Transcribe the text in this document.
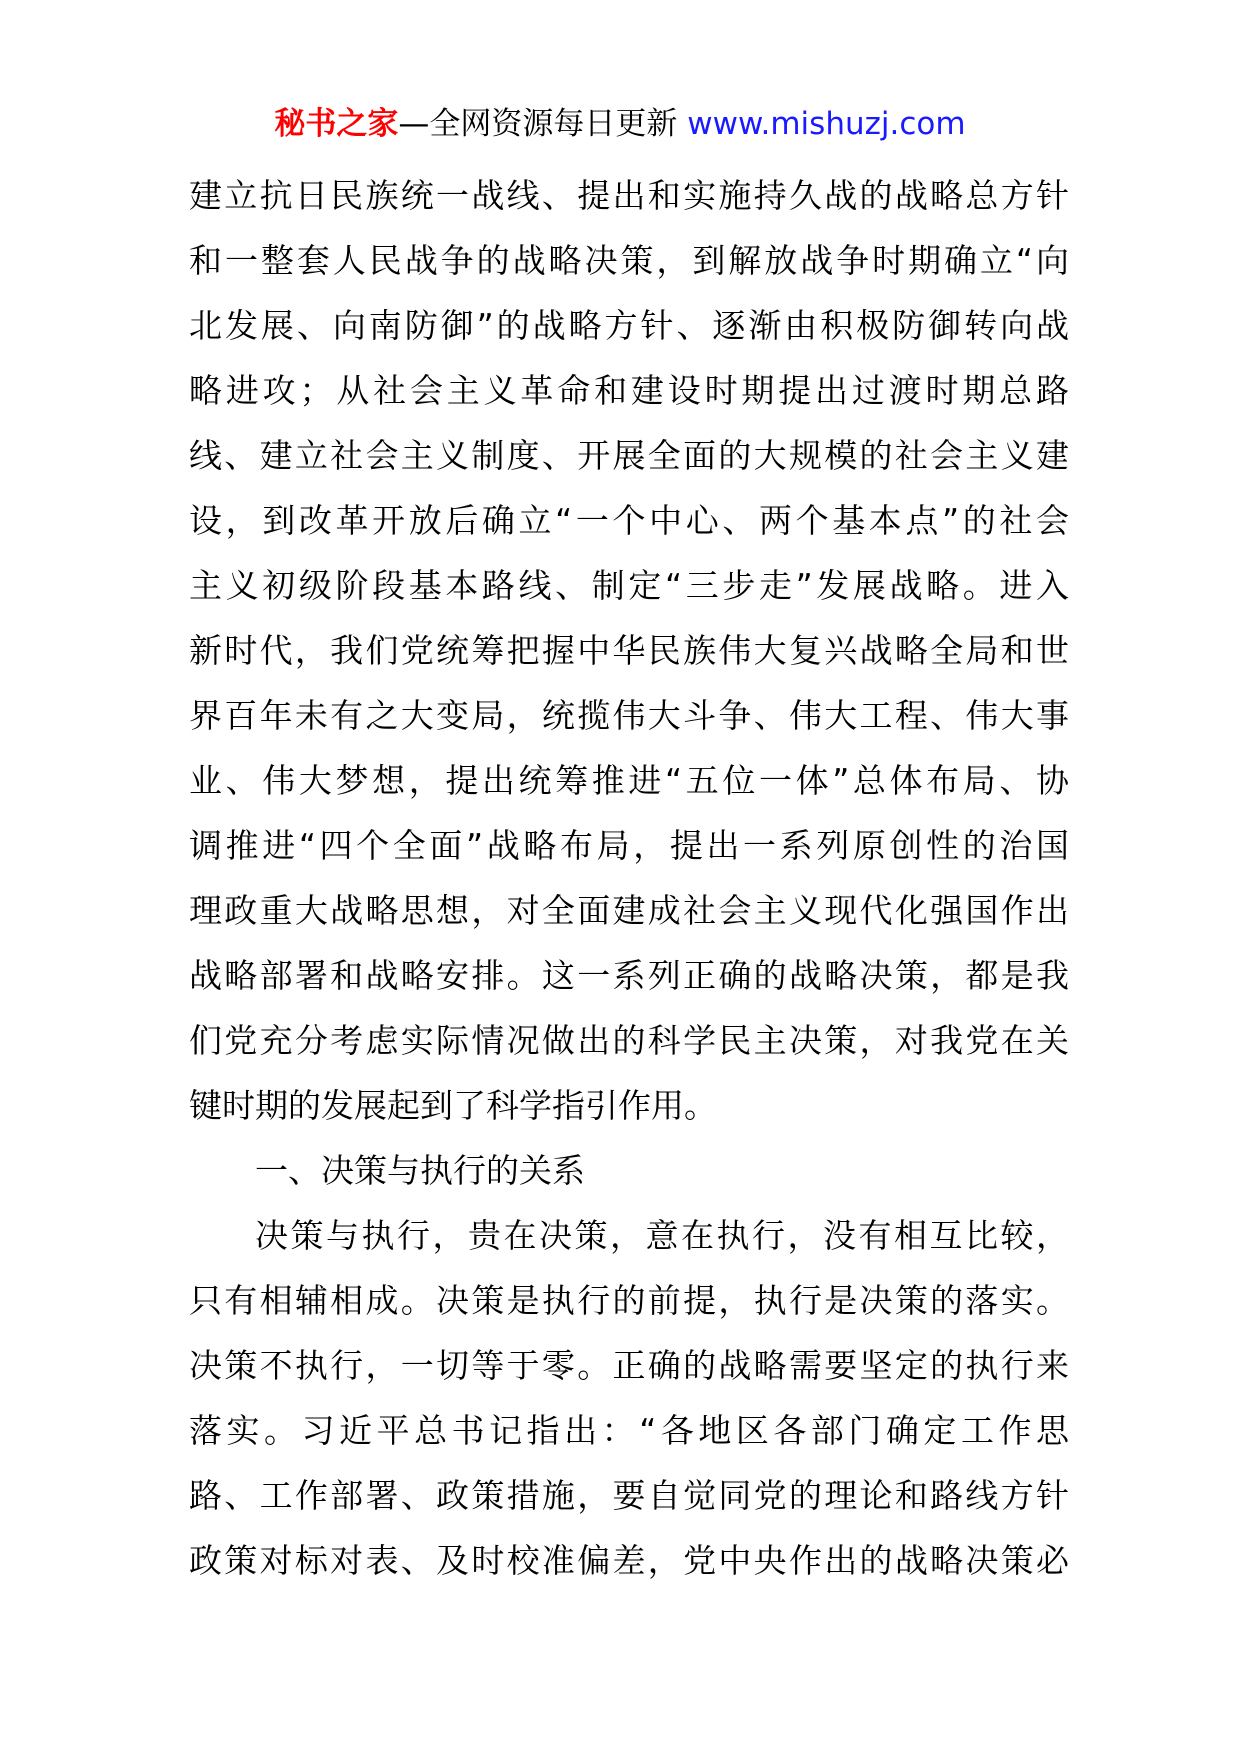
秘书之家—全网资源每日更新 www.mishuzj.com
建立抗日民族统一战线、提出和实施持久战的战略总方针
和一整套人民战争的战略决策，到解放战争时期确立“向
北发展、向南防御”的战略方针、逐渐由积极防御转向战
略进攻；从社会主义革命和建设时期提出过渡时期总路
线、建立社会主义制度、开展全面的大规模的社会主义建
设，到改革开放后确立“一个中心、两个基本点”的社会
主义初级阶段基本路线、制定“三步走”发展战略。进入
新时代，我们党统筹把握中华民族伟大复兴战略全局和世
界百年未有之大变局，统揽伟大斗争、伟大工程、伟大事
业、伟大梦想，提出统筹推进“五位一体”总体布局、协
调推进“四个全面”战略布局，提出一系列原创性的治国
理政重大战略思想，对全面建成社会主义现代化强国作出
战略部署和战略安排。这一系列正确的战略决策，都是我
们党充分考虑实际情况做出的科学民主决策，对我党在关
键时期的发展起到了科学指引作用。
一、决策与执行的关系
决策与执行，贵在决策，意在执行，没有相互比较，
只有相辅相成。决策是执行的前提，执行是决策的落实。
决策不执行，一切等于零。正确的战略需要坚定的执行来
落实。习近平总书记指出：“各地区各部门确定工作思
路、工作部署、政策措施，要自觉同党的理论和路线方针
政策对标对表、及时校准偏差，党中央作出的战略决策必
